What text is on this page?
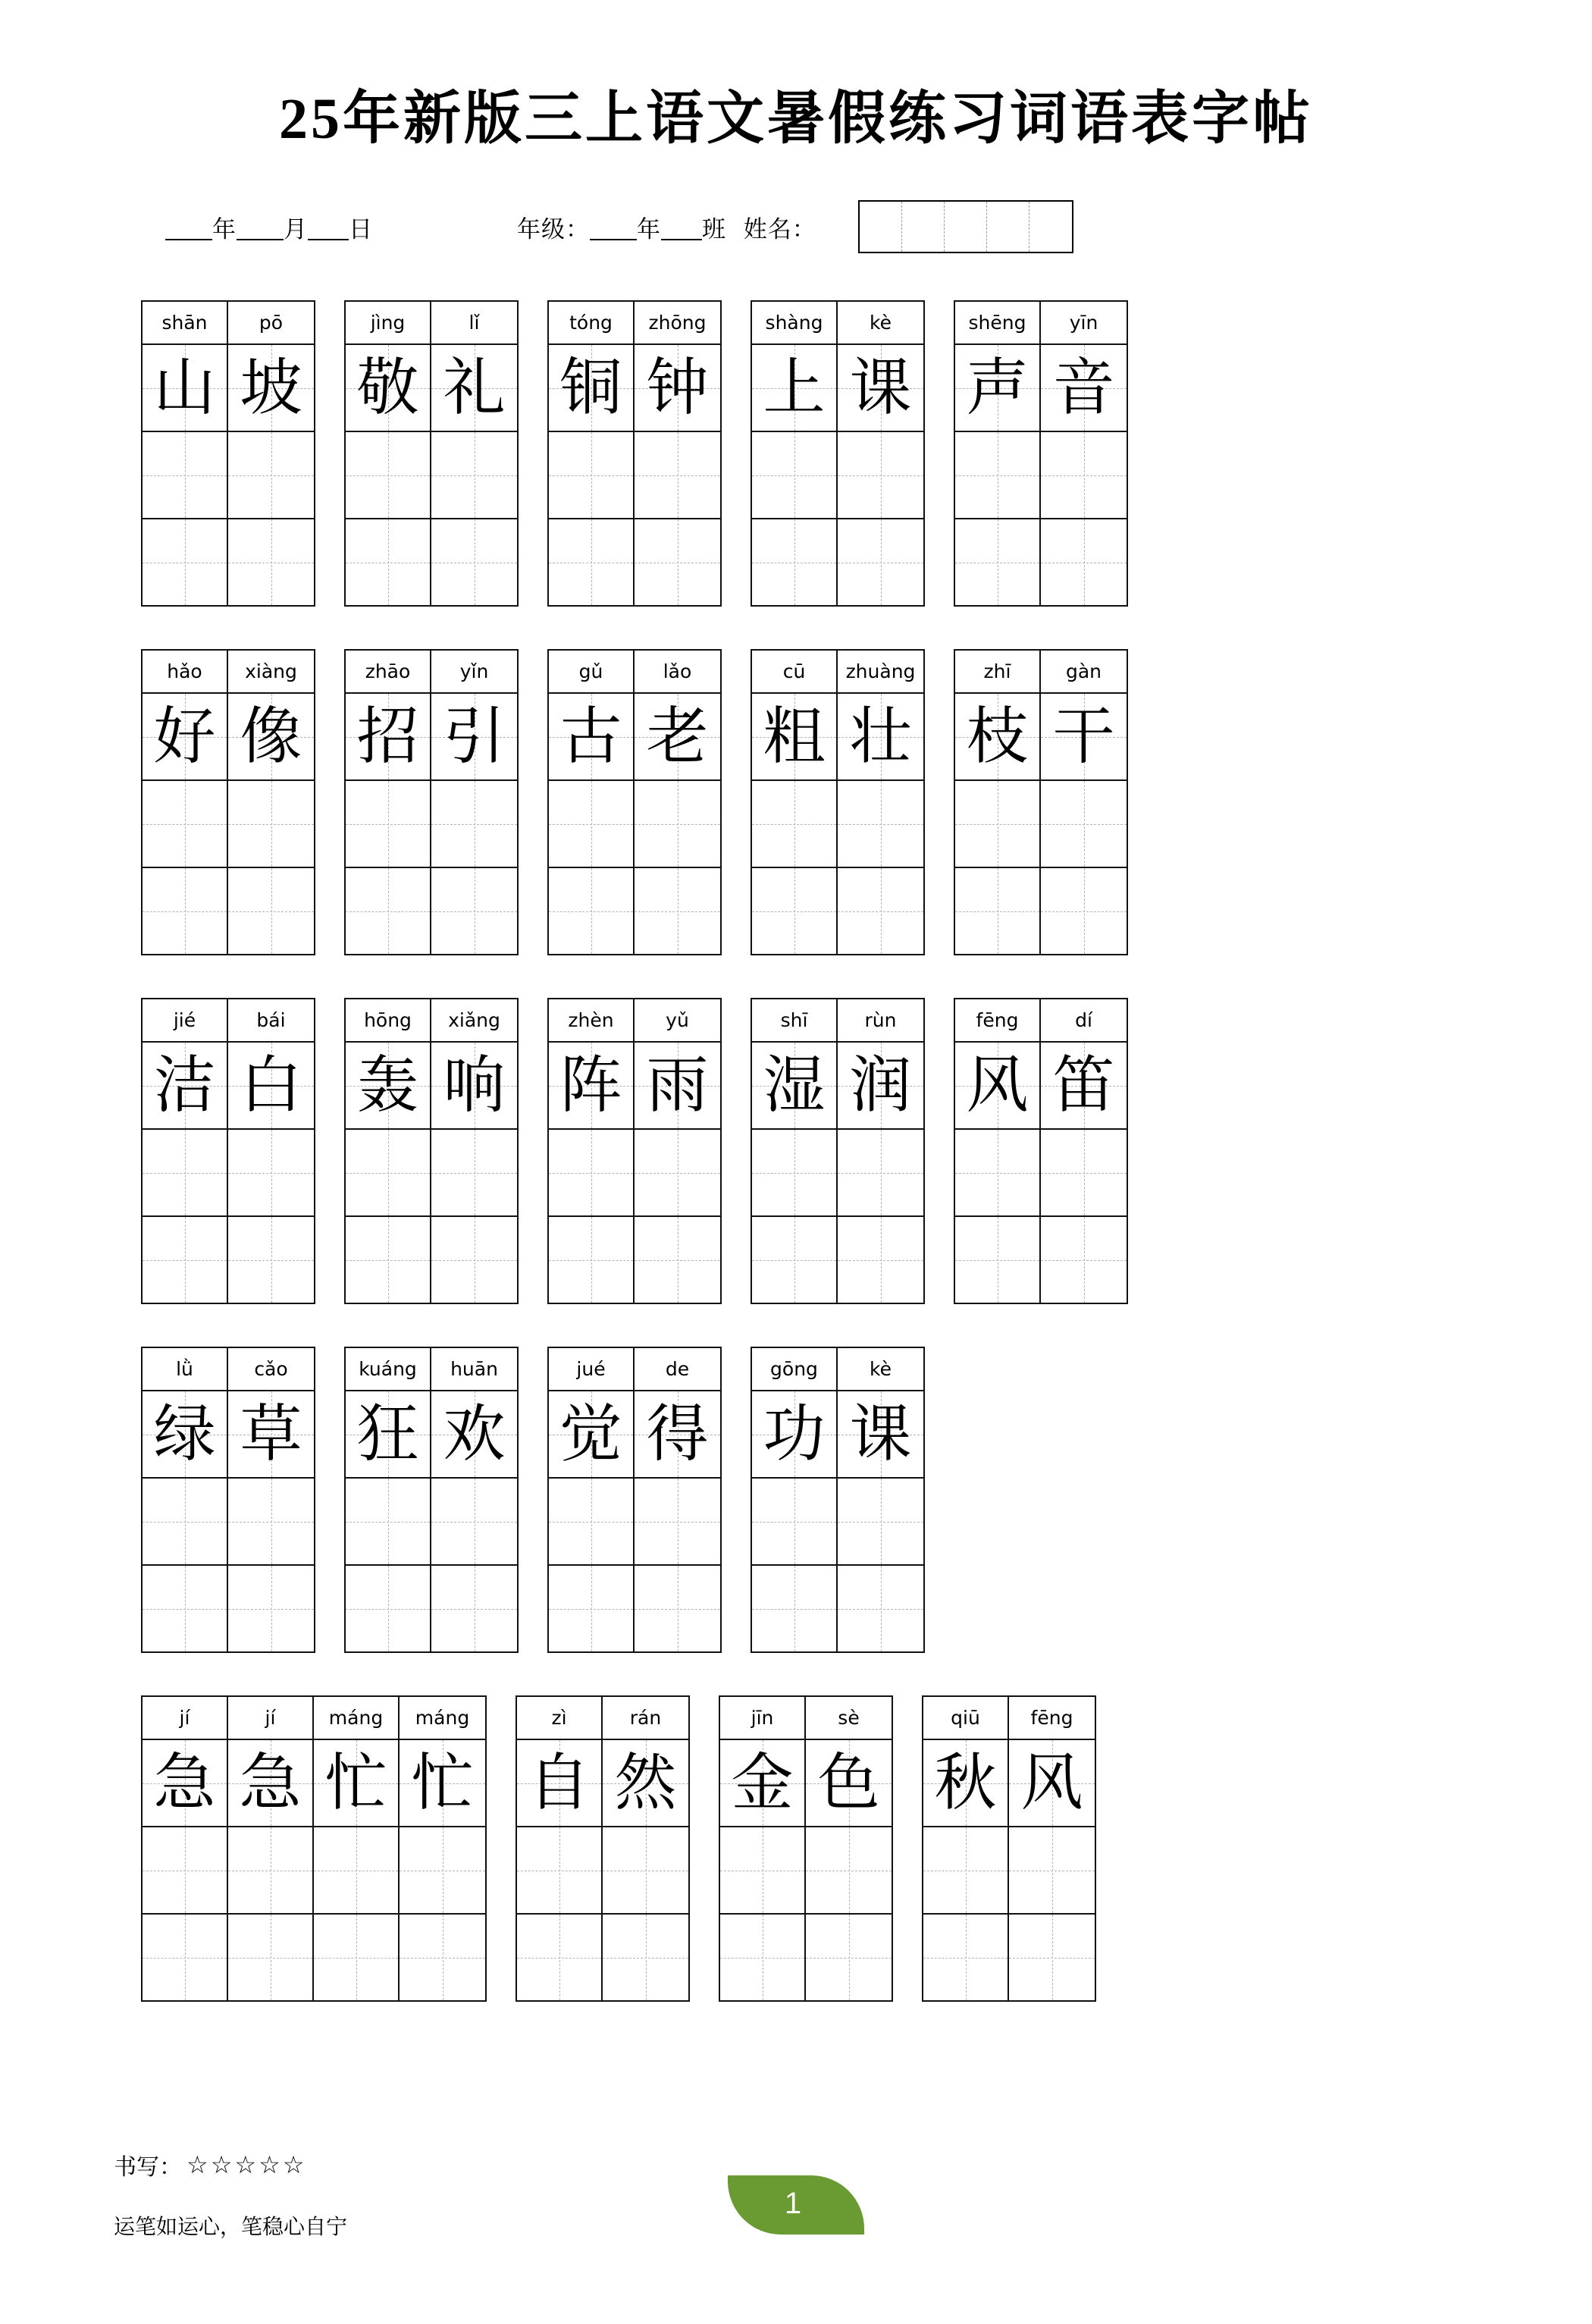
25年新版三上语文暑假练习词语表字帖
年 月 日	年级： 年 班 姓名：
shān	pō
山 坡
jìng	lǐ
敬 礼
tóng	zhōng
铜 钟
shàng	kè
上 课
shēng	yīn
声 音
hǎo	xiàng
好 像
zhāo	yǐn
招 引
gǔ	lǎo
古 老
cū	zhuàng
粗 壮
zhī	gàn
枝 干
jié	bái
洁 白
hōng	xiǎng
轰 响
zhèn	yǔ
阵 雨
shī	rùn
湿 润
fēng	dí
风 笛
lǜ	cǎo
绿 草
kuáng	huān
狂 欢
jué	de
觉 得
gōng	kè
功 课
jí	jí	máng	máng
急 急 忙 忙
zì	rán
自 然
jīn	sè
金 色
qiū	fēng
秋 风
书写： ☆☆☆☆☆
运笔如运心，笔稳心自宁
1
